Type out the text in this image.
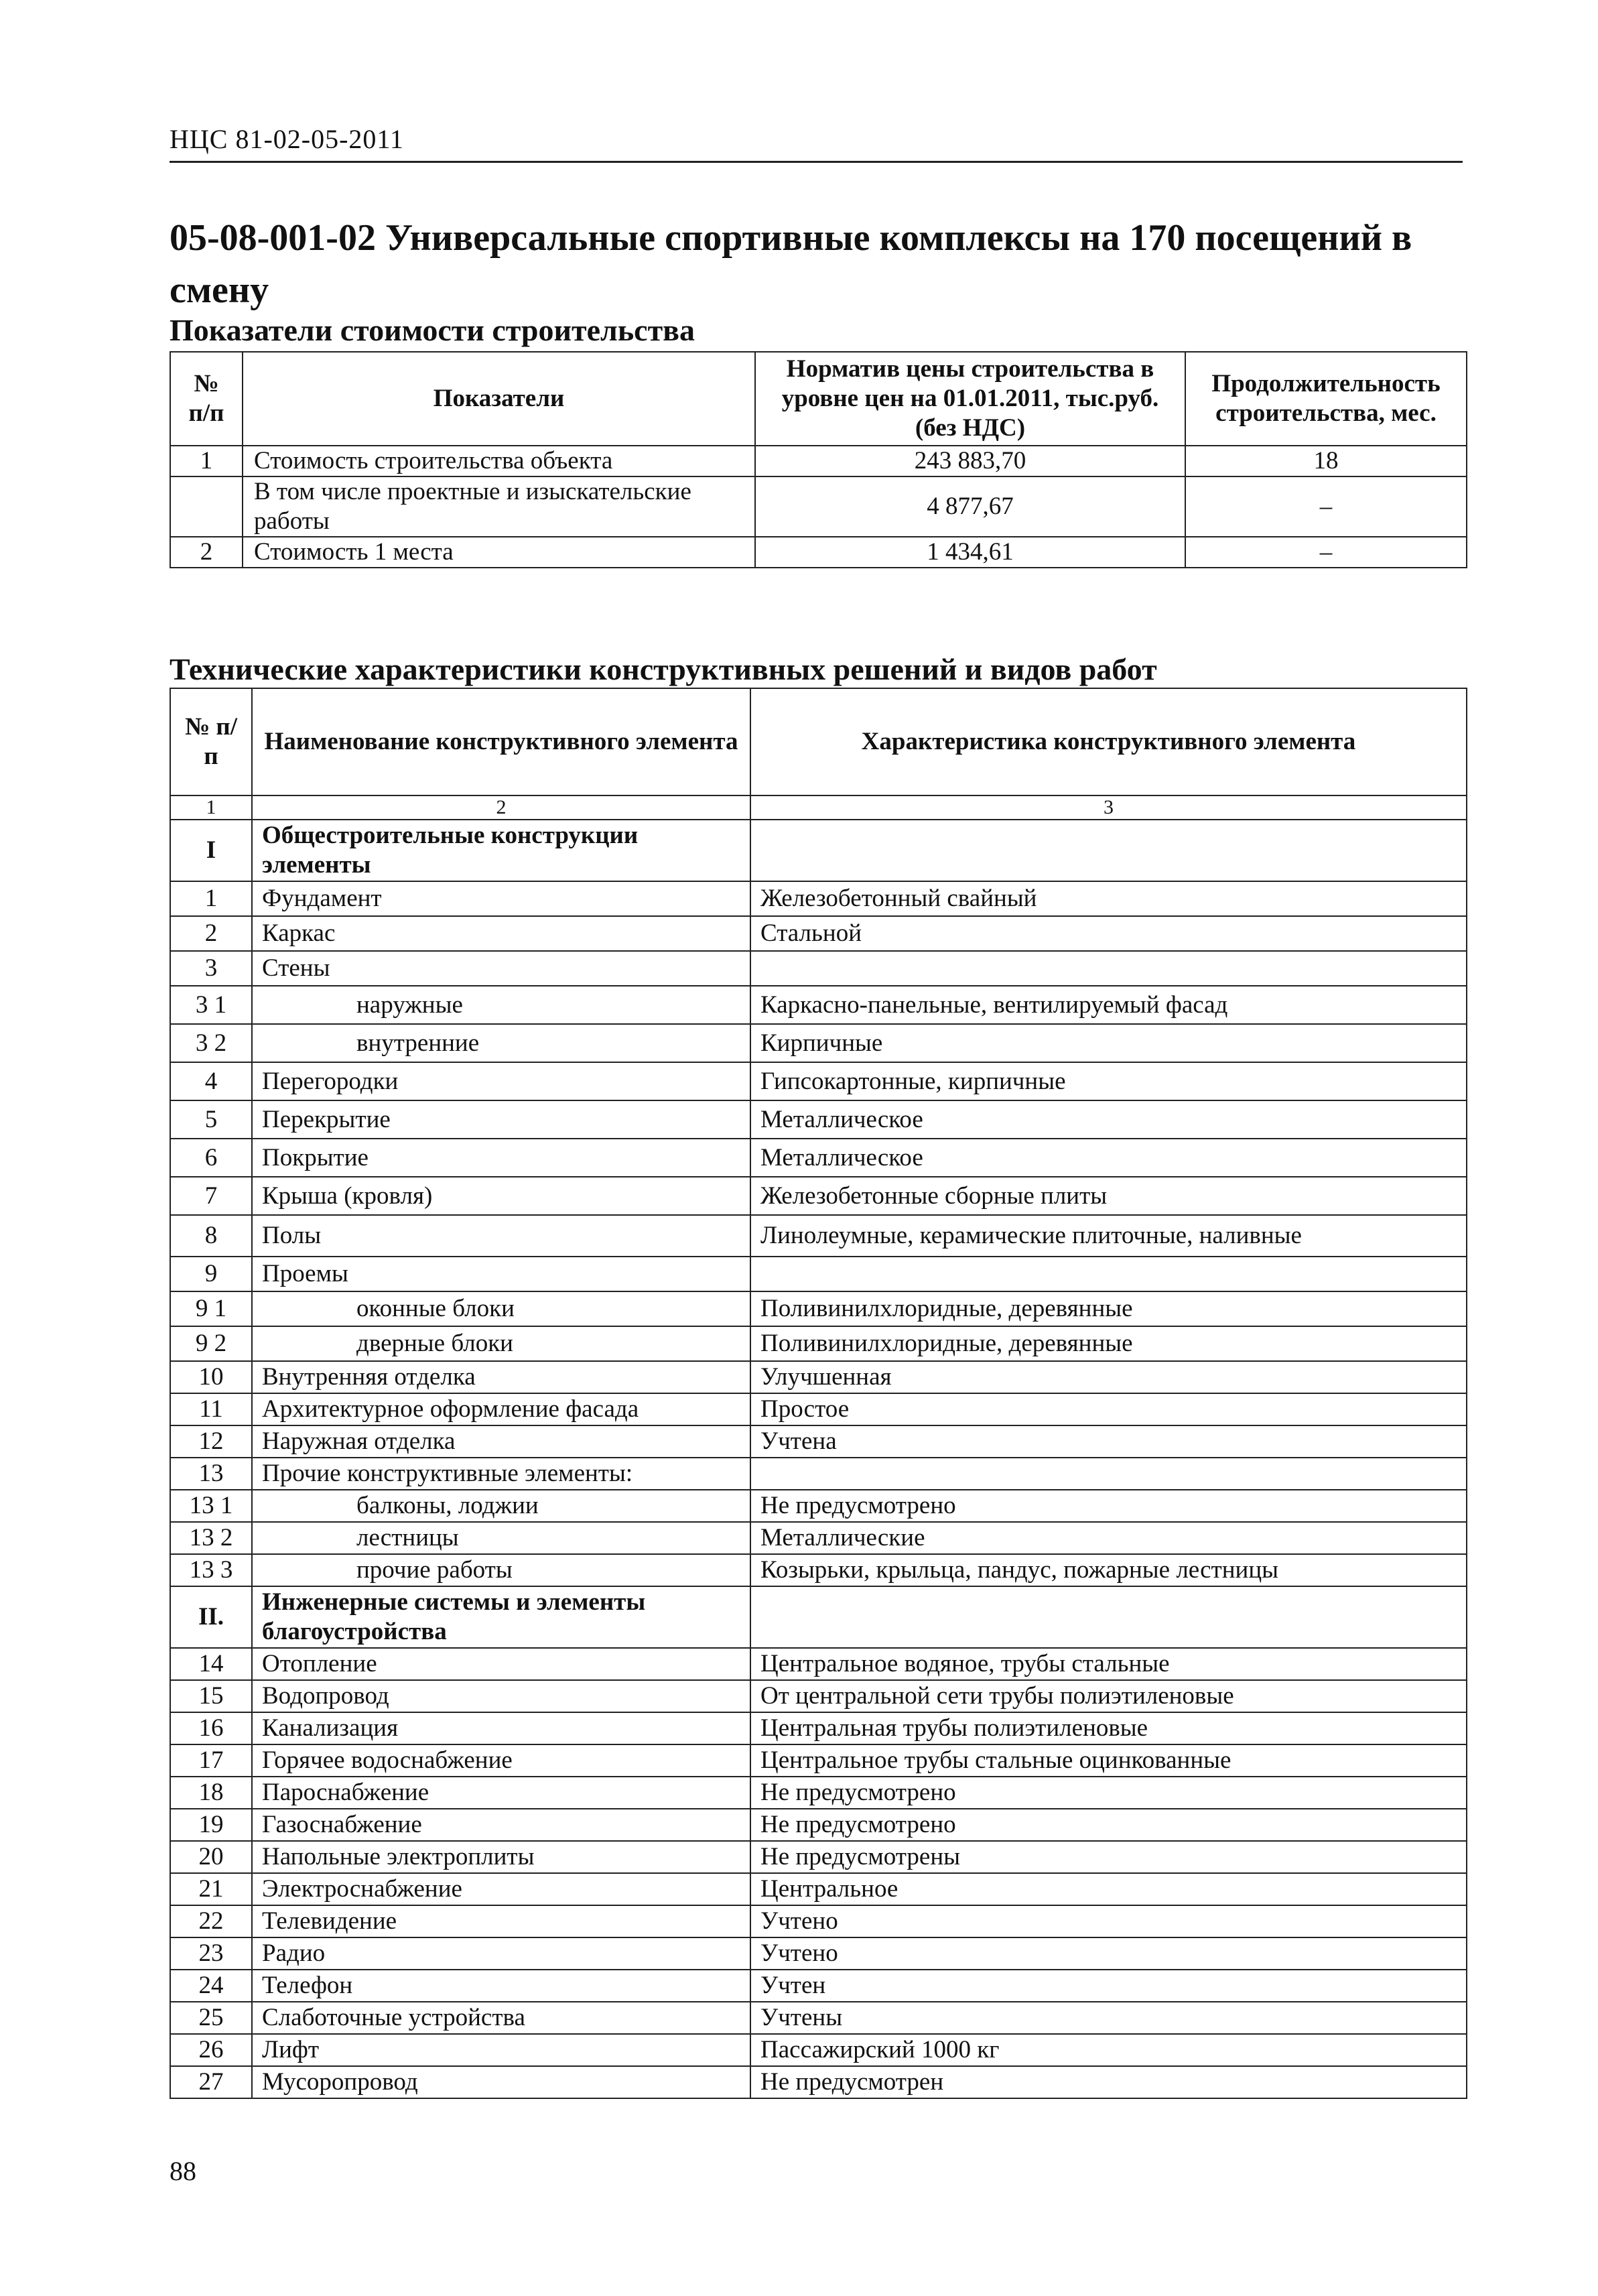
НЦС 81-02-05-2011
05-08-001-02 Универсальные спортивные комплексы на 170 посещений в смену
Показатели стоимости строительства
№ п/п	Показатели	Норматив цены строительства в уровне цен на 01.01.2011, тыс.руб. (без НДС)	Продолжительность строительства, мес.
1	Стоимость строительства объекта	243 883,70	18
	В том числе проектные и изыскательские работы	4 877,67	–
2	Стоимость 1 места	1 434,61	–
Технические характеристики конструктивных решений и видов работ
№ п/п	Наименование конструктивного элемента	Характеристика конструктивного элемента
1	2	3
I	Общестроительные конструкции элементы	
1	Фундамент	Железобетонный свайный
2	Каркас	Стальной
3	Стены	
3 1	наружные	Каркасно-панельные, вентилируемый фасад
3 2	внутренние	Кирпичные
4	Перегородки	Гипсокартонные, кирпичные
5	Перекрытие	Металлическое
6	Покрытие	Металлическое
7	Крыша (кровля)	Железобетонные сборные плиты
8	Полы	Линолеумные, керамические плиточные, наливные
9	Проемы	
9 1	оконные блоки	Поливинилхлоридные, деревянные
9 2	дверные блоки	Поливинилхлоридные, деревянные
10	Внутренняя отделка	Улучшенная
11	Архитектурное оформление фасада	Простое
12	Наружная отделка	Учтена
13	Прочие конструктивные элементы:	
13 1	балконы, лоджии	Не предусмотрено
13 2	лестницы	Металлические
13 3	прочие работы	Козырьки, крыльца, пандус, пожарные лестницы
II.	Инженерные системы и элементы благоустройства	
14	Отопление	Центральное водяное, трубы стальные
15	Водопровод	От центральной сети трубы полиэтиленовые
16	Канализация	Центральная трубы полиэтиленовые
17	Горячее водоснабжение	Центральное трубы стальные оцинкованные
18	Пароснабжение	Не предусмотрено
19	Газоснабжение	Не предусмотрено
20	Напольные электроплиты	Не предусмотрены
21	Электроснабжение	Центральное
22	Телевидение	Учтено
23	Радио	Учтено
24	Телефон	Учтен
25	Слаботочные устройства	Учтены
26	Лифт	Пассажирский 1000 кг
27	Мусоропровод	Не предусмотрен
88
